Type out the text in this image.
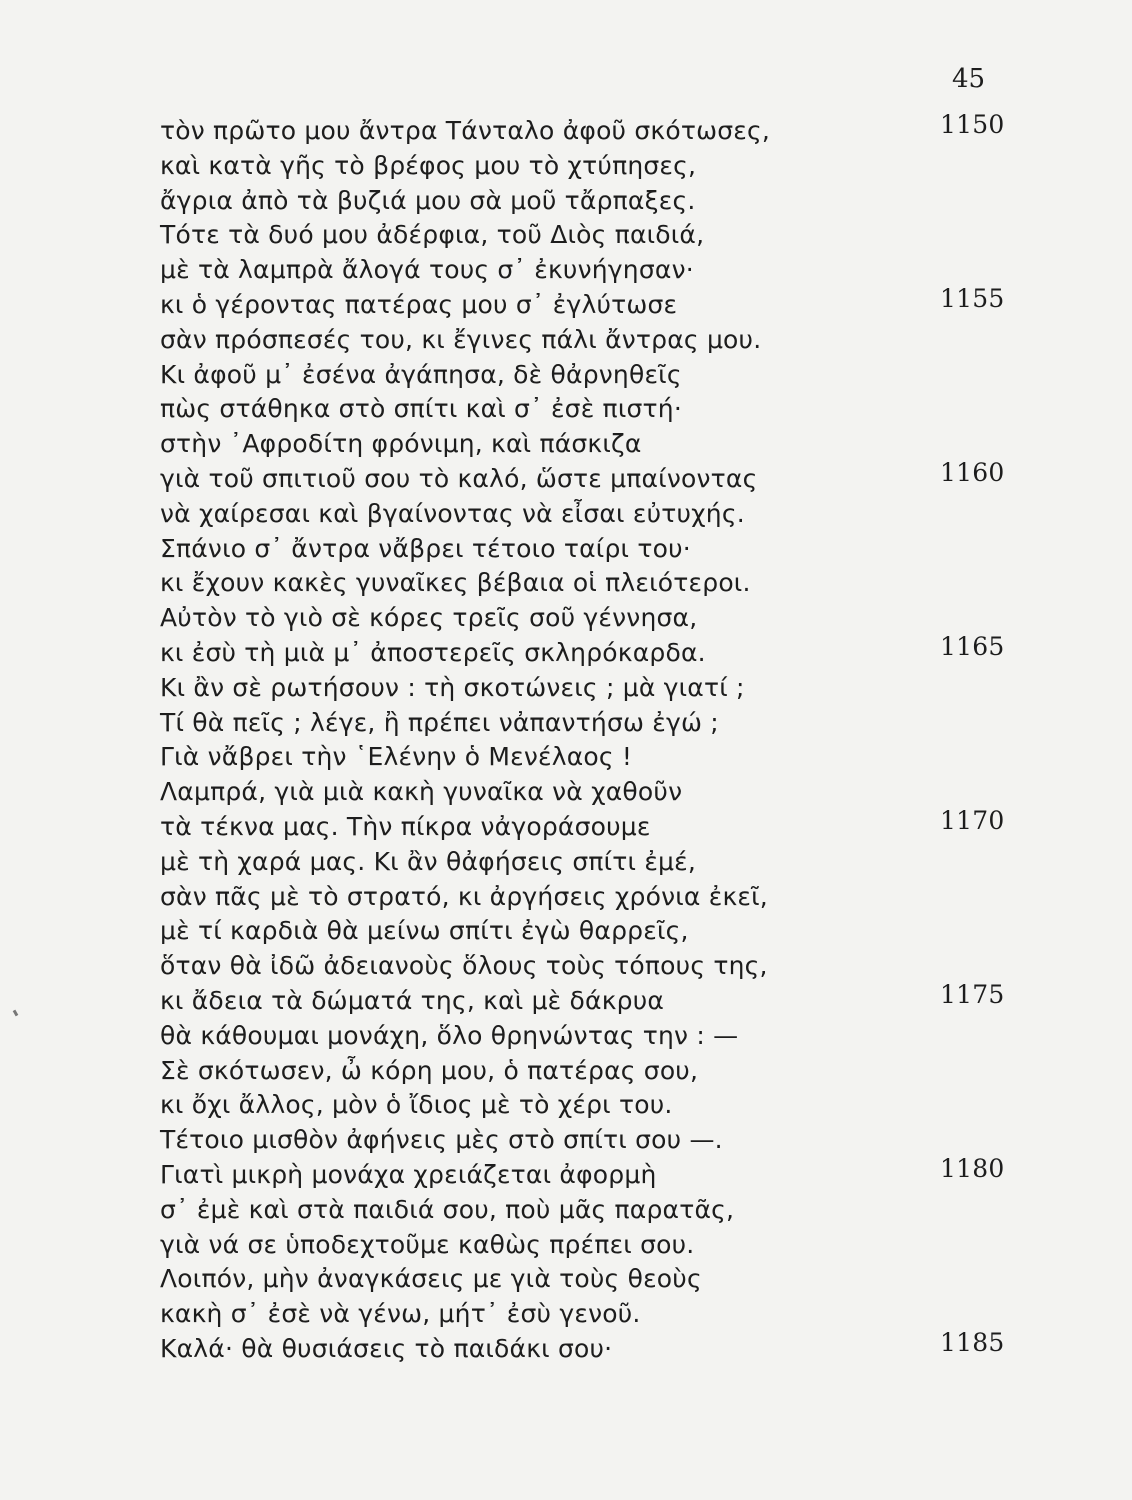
45
τὸν πρῶτο μου ἄντρα Τάνταλο ἀφοῦ σκότωσες,	1150
καὶ κατὰ γῆς τὸ βρέφος μου τὸ χτύπησες,
ἄγρια ἀπὸ τὰ βυζιά μου σὰ μοῦ τἄρπαξες.
Τότε τὰ δυό μου ἀδέρφια, τοῦ Διὸς παιδιά,
μὲ τὰ λαμπρὰ ἄλογά τους σ᾽ ἐκυνήγησαν·
κι ὁ γέροντας πατέρας μου σ᾽ ἐγλύτωσε	1155
σὰν πρόσπεσές του, κι ἔγινες πάλι ἄντρας μου.
Κι ἀφοῦ μ᾽ ἐσένα ἀγάπησα, δὲ θἀρνηθεῖς
πὼς στάθηκα στὸ σπίτι καὶ σ᾽ ἐσὲ πιστή·
στὴν ᾿Αφροδίτη φρόνιμη, καὶ πάσκιζα
γιὰ τοῦ σπιτιοῦ σου τὸ καλό, ὥστε μπαίνοντας	1160
νὰ χαίρεσαι καὶ βγαίνοντας νὰ εἶσαι εὐτυχής.
Σπάνιο σ᾽ ἄντρα νἄβρει τέτοιο ταίρι του·
κι ἔχουν κακὲς γυναῖκες βέβαια οἱ πλειότεροι.
Αὐτὸν τὸ γιὸ σὲ κόρες τρεῖς σοῦ γέννησα,
κι ἐσὺ τὴ μιὰ μ᾽ ἀποστερεῖς σκληρόκαρδα.	1165
Κι ἂν σὲ ρωτήσουν : τὴ σκοτώνεις ; μὰ γιατί ;
Τί θὰ πεῖς ; λέγε, ἢ πρέπει νἀπαντήσω ἐγώ ;
Γιὰ νἄβρει τὴν ῾Ελένην ὁ Μενέλαος !
Λαμπρά, γιὰ μιὰ κακὴ γυναῖκα νὰ χαθοῦν
τὰ τέκνα μας. Τὴν πίκρα νἀγοράσουμε	1170
μὲ τὴ χαρά μας. Κι ἂν θἀφήσεις σπίτι ἐμέ,
σὰν πᾶς μὲ τὸ στρατό, κι ἀργήσεις χρόνια ἐκεῖ,
μὲ τί καρδιὰ θὰ μείνω σπίτι ἐγὼ θαρρεῖς,
ὅταν θὰ ἰδῶ ἀδειανοὺς ὅλους τοὺς τόπους της,
κι ἄδεια τὰ δώματά της, καὶ μὲ δάκρυα	1175
θὰ κάθουμαι μονάχη, ὅλο θρηνώντας την : —
Σὲ σκότωσεν, ὦ κόρη μου, ὁ πατέρας σου,
κι ὄχι ἄλλος, μὸν ὁ ἴδιος μὲ τὸ χέρι του.
Τέτοιο μισθὸν ἀφήνεις μὲς στὸ σπίτι σου —.
Γιατὶ μικρὴ μονάχα χρειάζεται ἀφορμὴ	1180
σ᾽ ἐμὲ καὶ στὰ παιδιά σου, ποὺ μᾶς παρατᾶς,
γιὰ νά σε ὑποδεχτοῦμε καθὼς πρέπει σου.
Λοιπόν, μὴν ἀναγκάσεις με γιὰ τοὺς θεοὺς
κακὴ σ᾽ ἐσὲ νὰ γένω, μήτ᾽ ἐσὺ γενοῦ.
Καλά· θὰ θυσιάσεις τὸ παιδάκι σου·	1185
